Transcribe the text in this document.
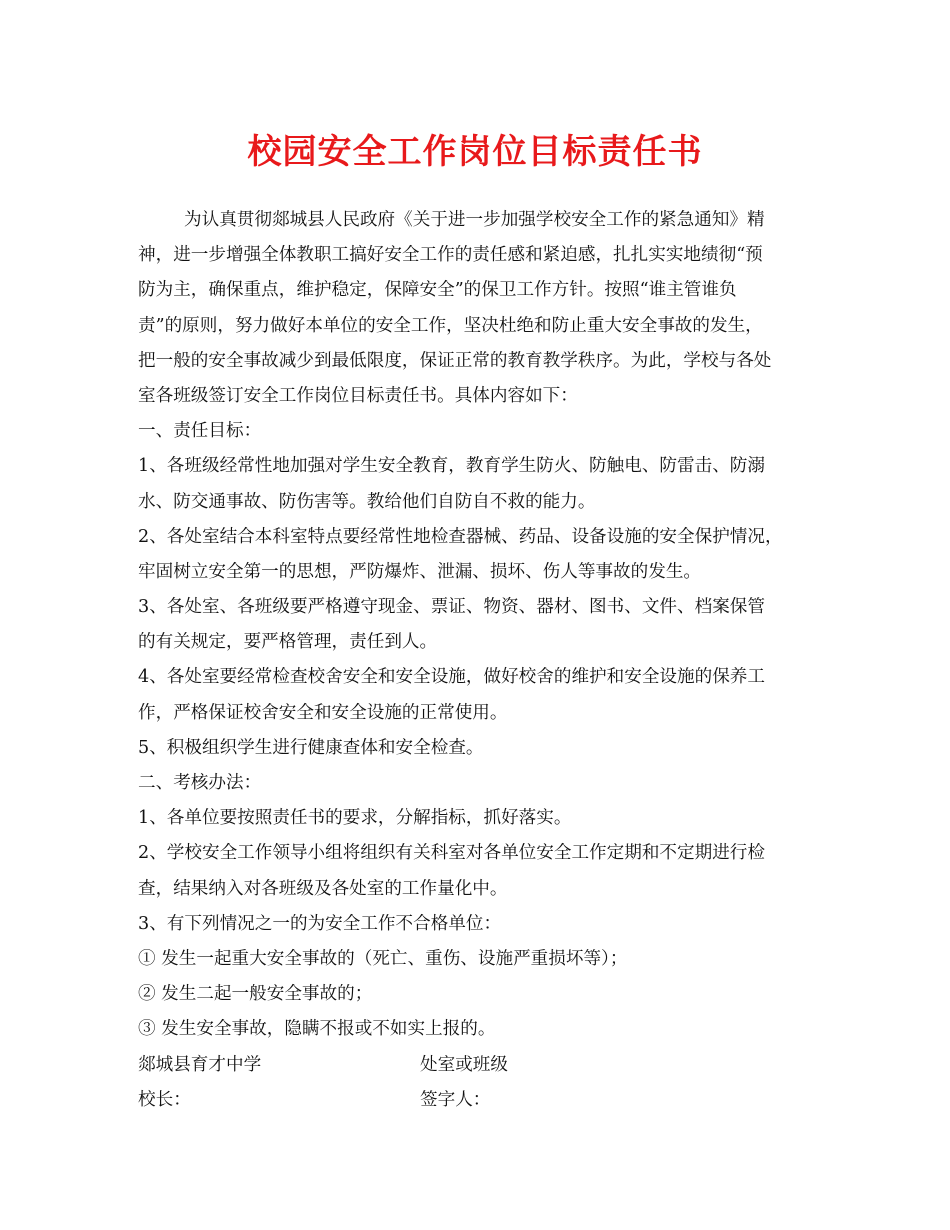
校园安全工作岗位目标责任书
为认真贯彻郯城县人民政府《关于进一步加强学校安全工作的紧急通知》精
神，进一步增强全体教职工搞好安全工作的责任感和紧迫感，扎扎实实地绩彻“预
防为主，确保重点，维护稳定，保障安全”的保卫工作方针。按照“谁主管谁负
责”的原则，努力做好本单位的安全工作，坚决杜绝和防止重大安全事故的发生，
把一般的安全事故减少到最低限度，保证正常的教育教学秩序。为此，学校与各处
室各班级签订安全工作岗位目标责任书。具体内容如下：
一、责任目标：
1、各班级经常性地加强对学生安全教育，教育学生防火、防触电、防雷击、防溺
水、防交通事故、防伤害等。教给他们自防自不救的能力。
2、各处室结合本科室特点要经常性地检查器械、药品、设备设施的安全保护情况，
牢固树立安全第一的思想，严防爆炸、泄漏、损坏、伤人等事故的发生。
3、各处室、各班级要严格遵守现金、票证、物资、器材、图书、文件、档案保管
的有关规定，要严格管理，责任到人。
4、各处室要经常检查校舍安全和安全设施，做好校舍的维护和安全设施的保养工
作，严格保证校舍安全和安全设施的正常使用。
5、积极组织学生进行健康查体和安全检查。
二、考核办法：
1、各单位要按照责任书的要求，分解指标，抓好落实。
2、学校安全工作领导小组将组织有关科室对各单位安全工作定期和不定期进行检
查，结果纳入对各班级及各处室的工作量化中。
3、有下列情况之一的为安全工作不合格单位：
① 发生一起重大安全事故的（死亡、重伤、设施严重损坏等）；
② 发生二起一般安全事故的；
③ 发生安全事故，隐瞒不报或不如实上报的。
郯城县育才中学	处室或班级
校长：	签字人：
